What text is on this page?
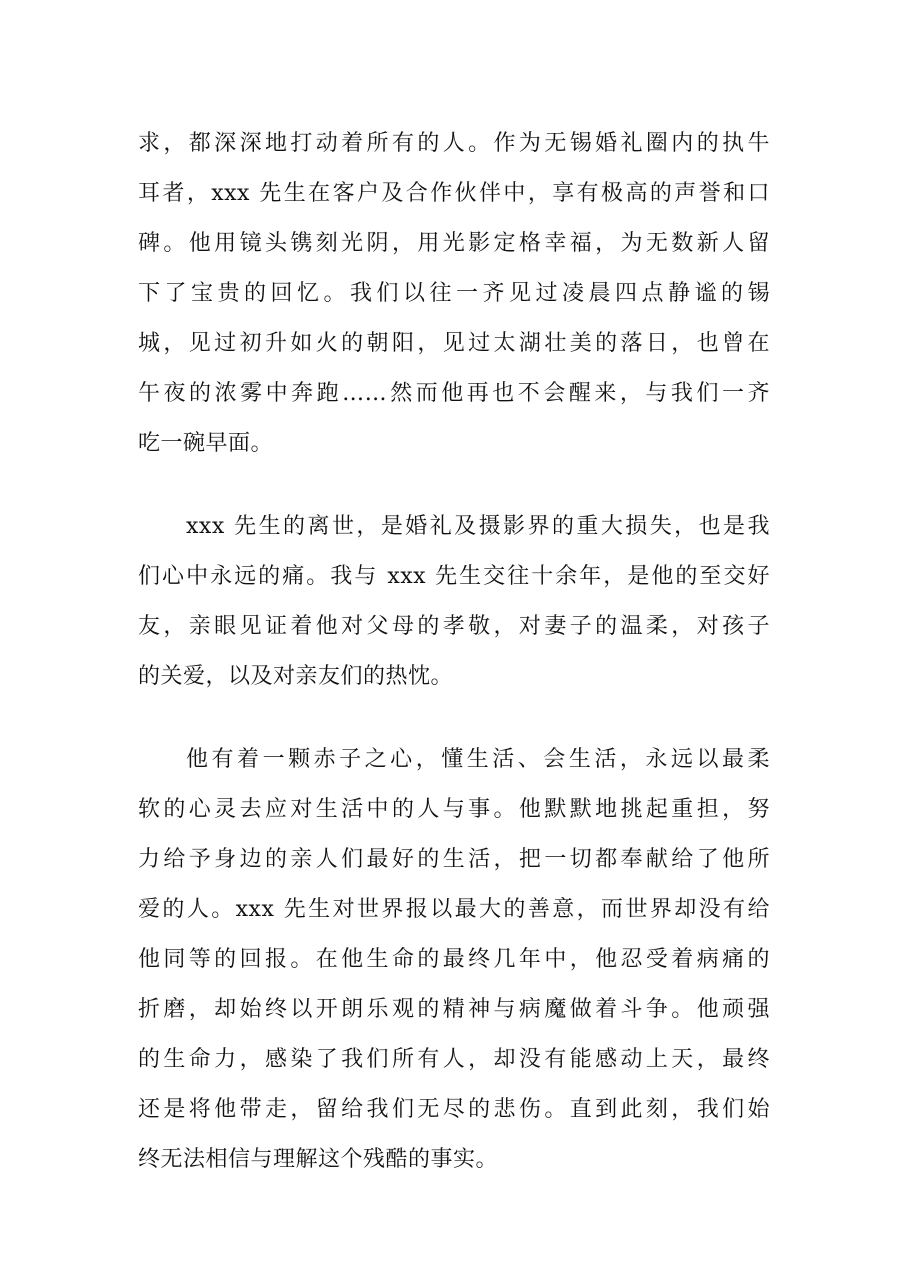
求，都深深地打动着所有的人。作为无锡婚礼圈内的执牛
耳者，xxx 先生在客户及合作伙伴中，享有极高的声誉和口
碑。他用镜头镌刻光阴，用光影定格幸福，为无数新人留
下了宝贵的回忆。我们以往一齐见过凌晨四点静谧的锡
城，见过初升如火的朝阳，见过太湖壮美的落日，也曾在
午夜的浓雾中奔跑……然而他再也不会醒来，与我们一齐
吃一碗早面。
xxx 先生的离世，是婚礼及摄影界的重大损失，也是我
们心中永远的痛。我与 xxx 先生交往十余年，是他的至交好
友，亲眼见证着他对父母的孝敬，对妻子的温柔，对孩子
的关爱，以及对亲友们的热忱。
他有着一颗赤子之心，懂生活、会生活，永远以最柔
软的心灵去应对生活中的人与事。他默默地挑起重担，努
力给予身边的亲人们最好的生活，把一切都奉献给了他所
爱的人。xxx 先生对世界报以最大的善意，而世界却没有给
他同等的回报。在他生命的最终几年中，他忍受着病痛的
折磨，却始终以开朗乐观的精神与病魔做着斗争。他顽强
的生命力，感染了我们所有人，却没有能感动上天，最终
还是将他带走，留给我们无尽的悲伤。直到此刻，我们始
终无法相信与理解这个残酷的事实。
